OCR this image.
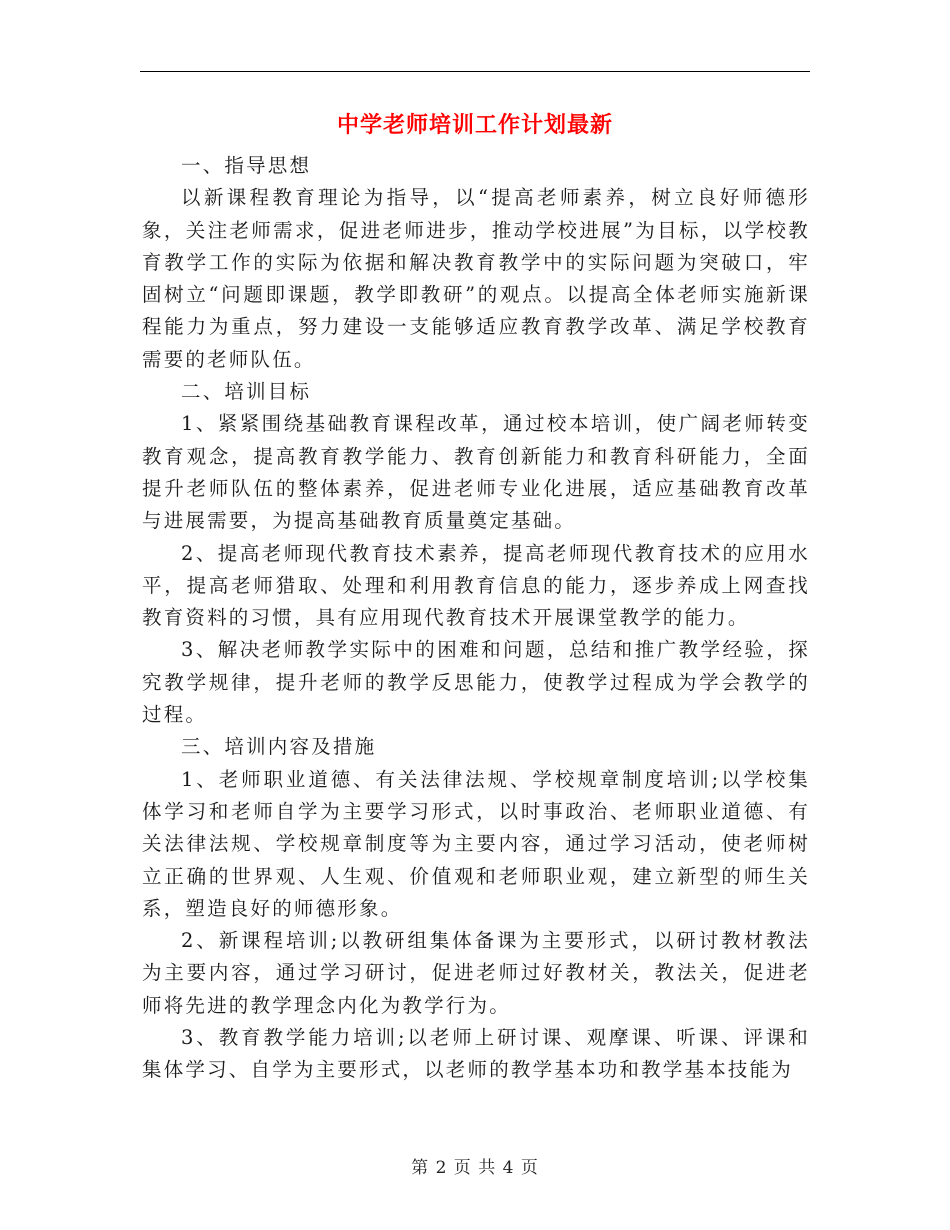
中学老师培训工作计划最新

一、指导思想

以新课程教育理论为指导，以“提高老师素养，树立良好师德形象，关注老师需求，促进老师进步，推动学校进展”为目标，以学校教育教学工作的实际为依据和解决教育教学中的实际问题为突破口，牢固树立“问题即课题，教学即教研”的观点。以提高全体老师实施新课程能力为重点，努力建设一支能够适应教育教学改革、满足学校教育需要的老师队伍。

二、培训目标

1、紧紧围绕基础教育课程改革，通过校本培训，使广阔老师转变教育观念，提高教育教学能力、教育创新能力和教育科研能力，全面提升老师队伍的整体素养，促进老师专业化进展，适应基础教育改革与进展需要，为提高基础教育质量奠定基础。

2、提高老师现代教育技术素养，提高老师现代教育技术的应用水平，提高老师猎取、处理和利用教育信息的能力，逐步养成上网查找教育资料的习惯，具有应用现代教育技术开展课堂教学的能力。

3、解决老师教学实际中的困难和问题，总结和推广教学经验，探究教学规律，提升老师的教学反思能力，使教学过程成为学会教学的过程。

三、培训内容及措施

1、老师职业道德、有关法律法规、学校规章制度培训;以学校集体学习和老师自学为主要学习形式，以时事政治、老师职业道德、有关法律法规、学校规章制度等为主要内容，通过学习活动，使老师树立正确的世界观、人生观、价值观和老师职业观，建立新型的师生关系，塑造良好的师德形象。

2、新课程培训;以教研组集体备课为主要形式，以研讨教材教法为主要内容，通过学习研讨，促进老师过好教材关，教法关，促进老师将先进的教学理念内化为教学行为。

3、教育教学能力培训;以老师上研讨课、观摩课、听课、评课和集体学习、自学为主要形式，以老师的教学基本功和教学基本技能为

第 2 页 共 4 页
